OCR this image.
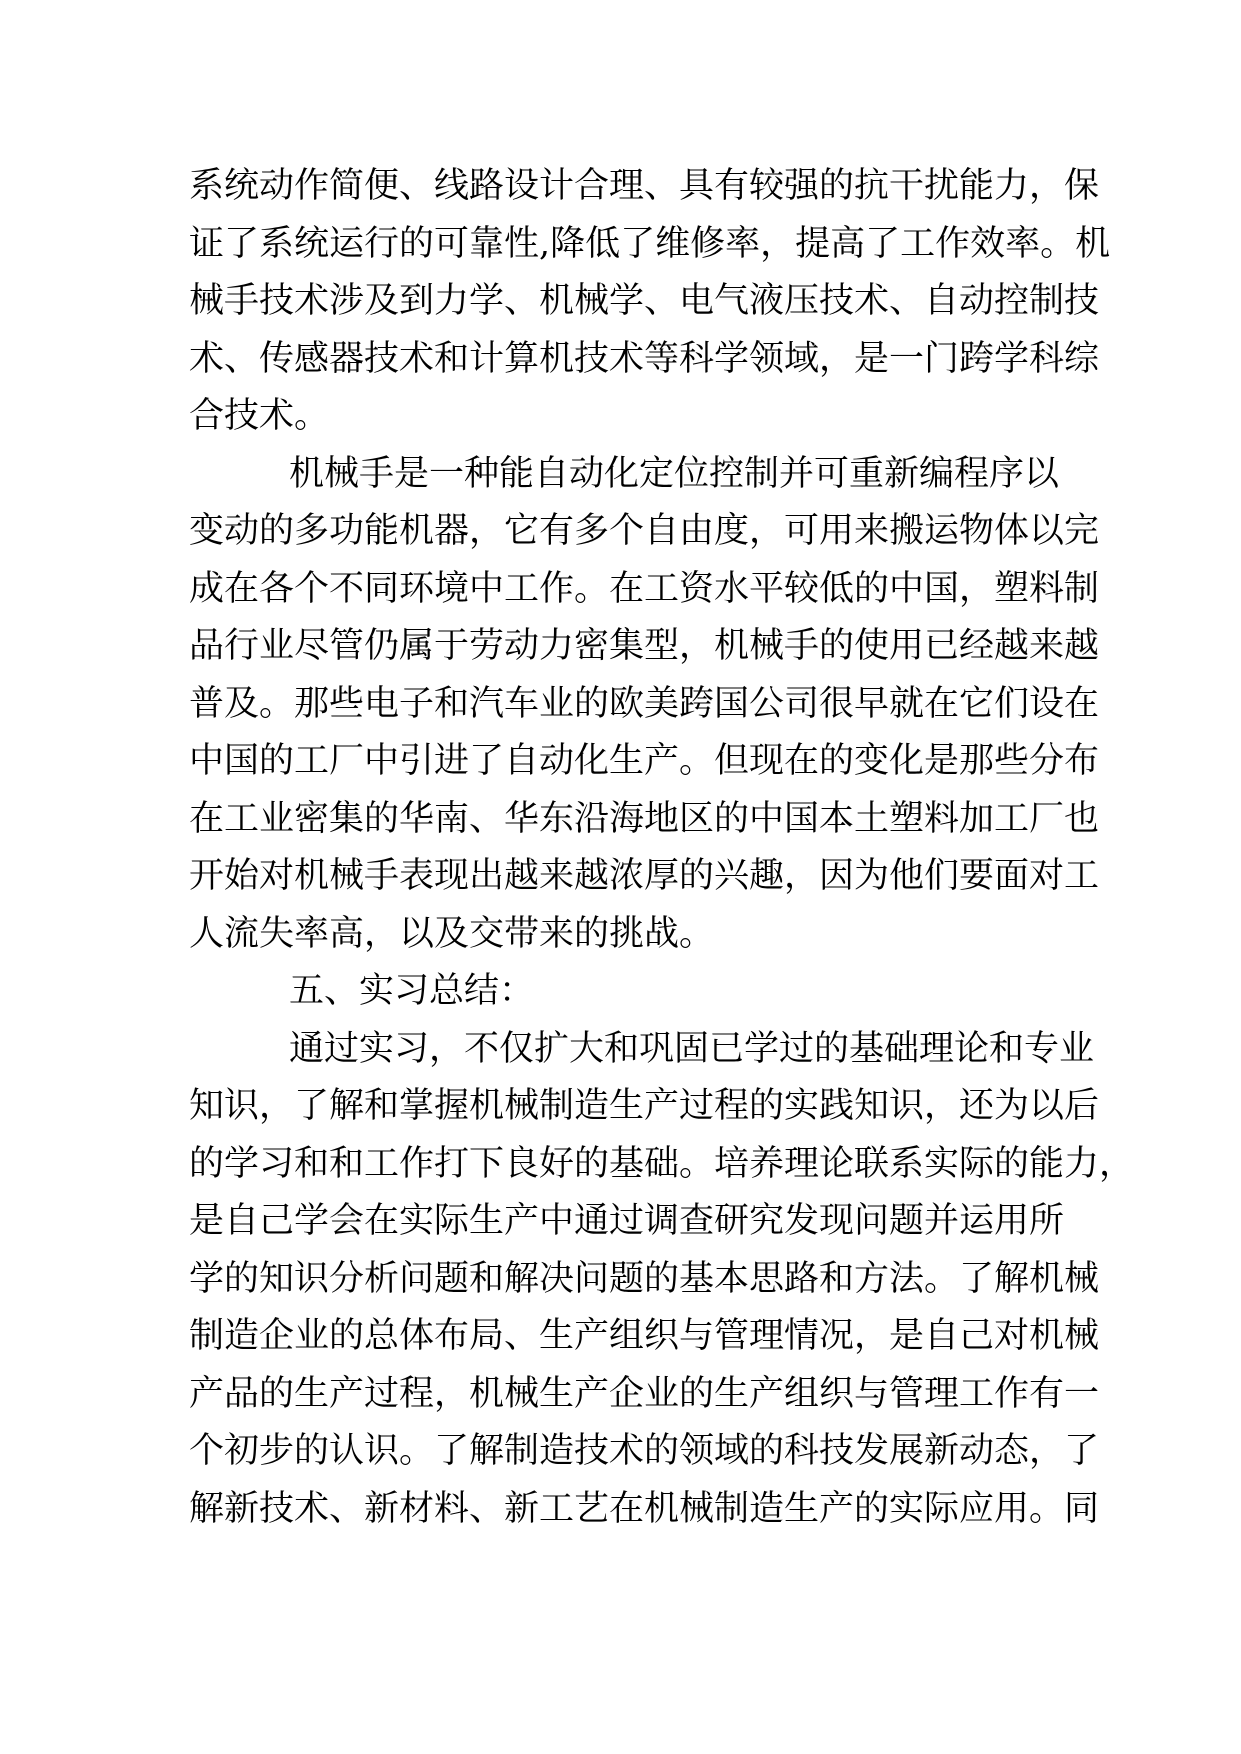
系统动作简便、线路设计合理、具有较强的抗干扰能力，保
证了系统运行的可靠性,降低了维修率，提高了工作效率。机
械手技术涉及到力学、机械学、电气液压技术、自动控制技
术、传感器技术和计算机技术等科学领域，是一门跨学科综
合技术。
机械手是一种能自动化定位控制并可重新编程序以
变动的多功能机器，它有多个自由度，可用来搬运物体以完
成在各个不同环境中工作。在工资水平较低的中国，塑料制
品行业尽管仍属于劳动力密集型，机械手的使用已经越来越
普及。那些电子和汽车业的欧美跨国公司很早就在它们设在
中国的工厂中引进了自动化生产。但现在的变化是那些分布
在工业密集的华南、华东沿海地区的中国本土塑料加工厂也
开始对机械手表现出越来越浓厚的兴趣，因为他们要面对工
人流失率高，以及交带来的挑战。
五、实习总结：
通过实习，不仅扩大和巩固已学过的基础理论和专业
知识，了解和掌握机械制造生产过程的实践知识，还为以后
的学习和和工作打下良好的基础。培养理论联系实际的能力，
是自己学会在实际生产中通过调查研究发现问题并运用所
学的知识分析问题和解决问题的基本思路和方法。了解机械
制造企业的总体布局、生产组织与管理情况，是自己对机械
产品的生产过程，机械生产企业的生产组织与管理工作有一
个初步的认识。了解制造技术的领域的科技发展新动态，了
解新技术、新材料、新工艺在机械制造生产的实际应用。同
